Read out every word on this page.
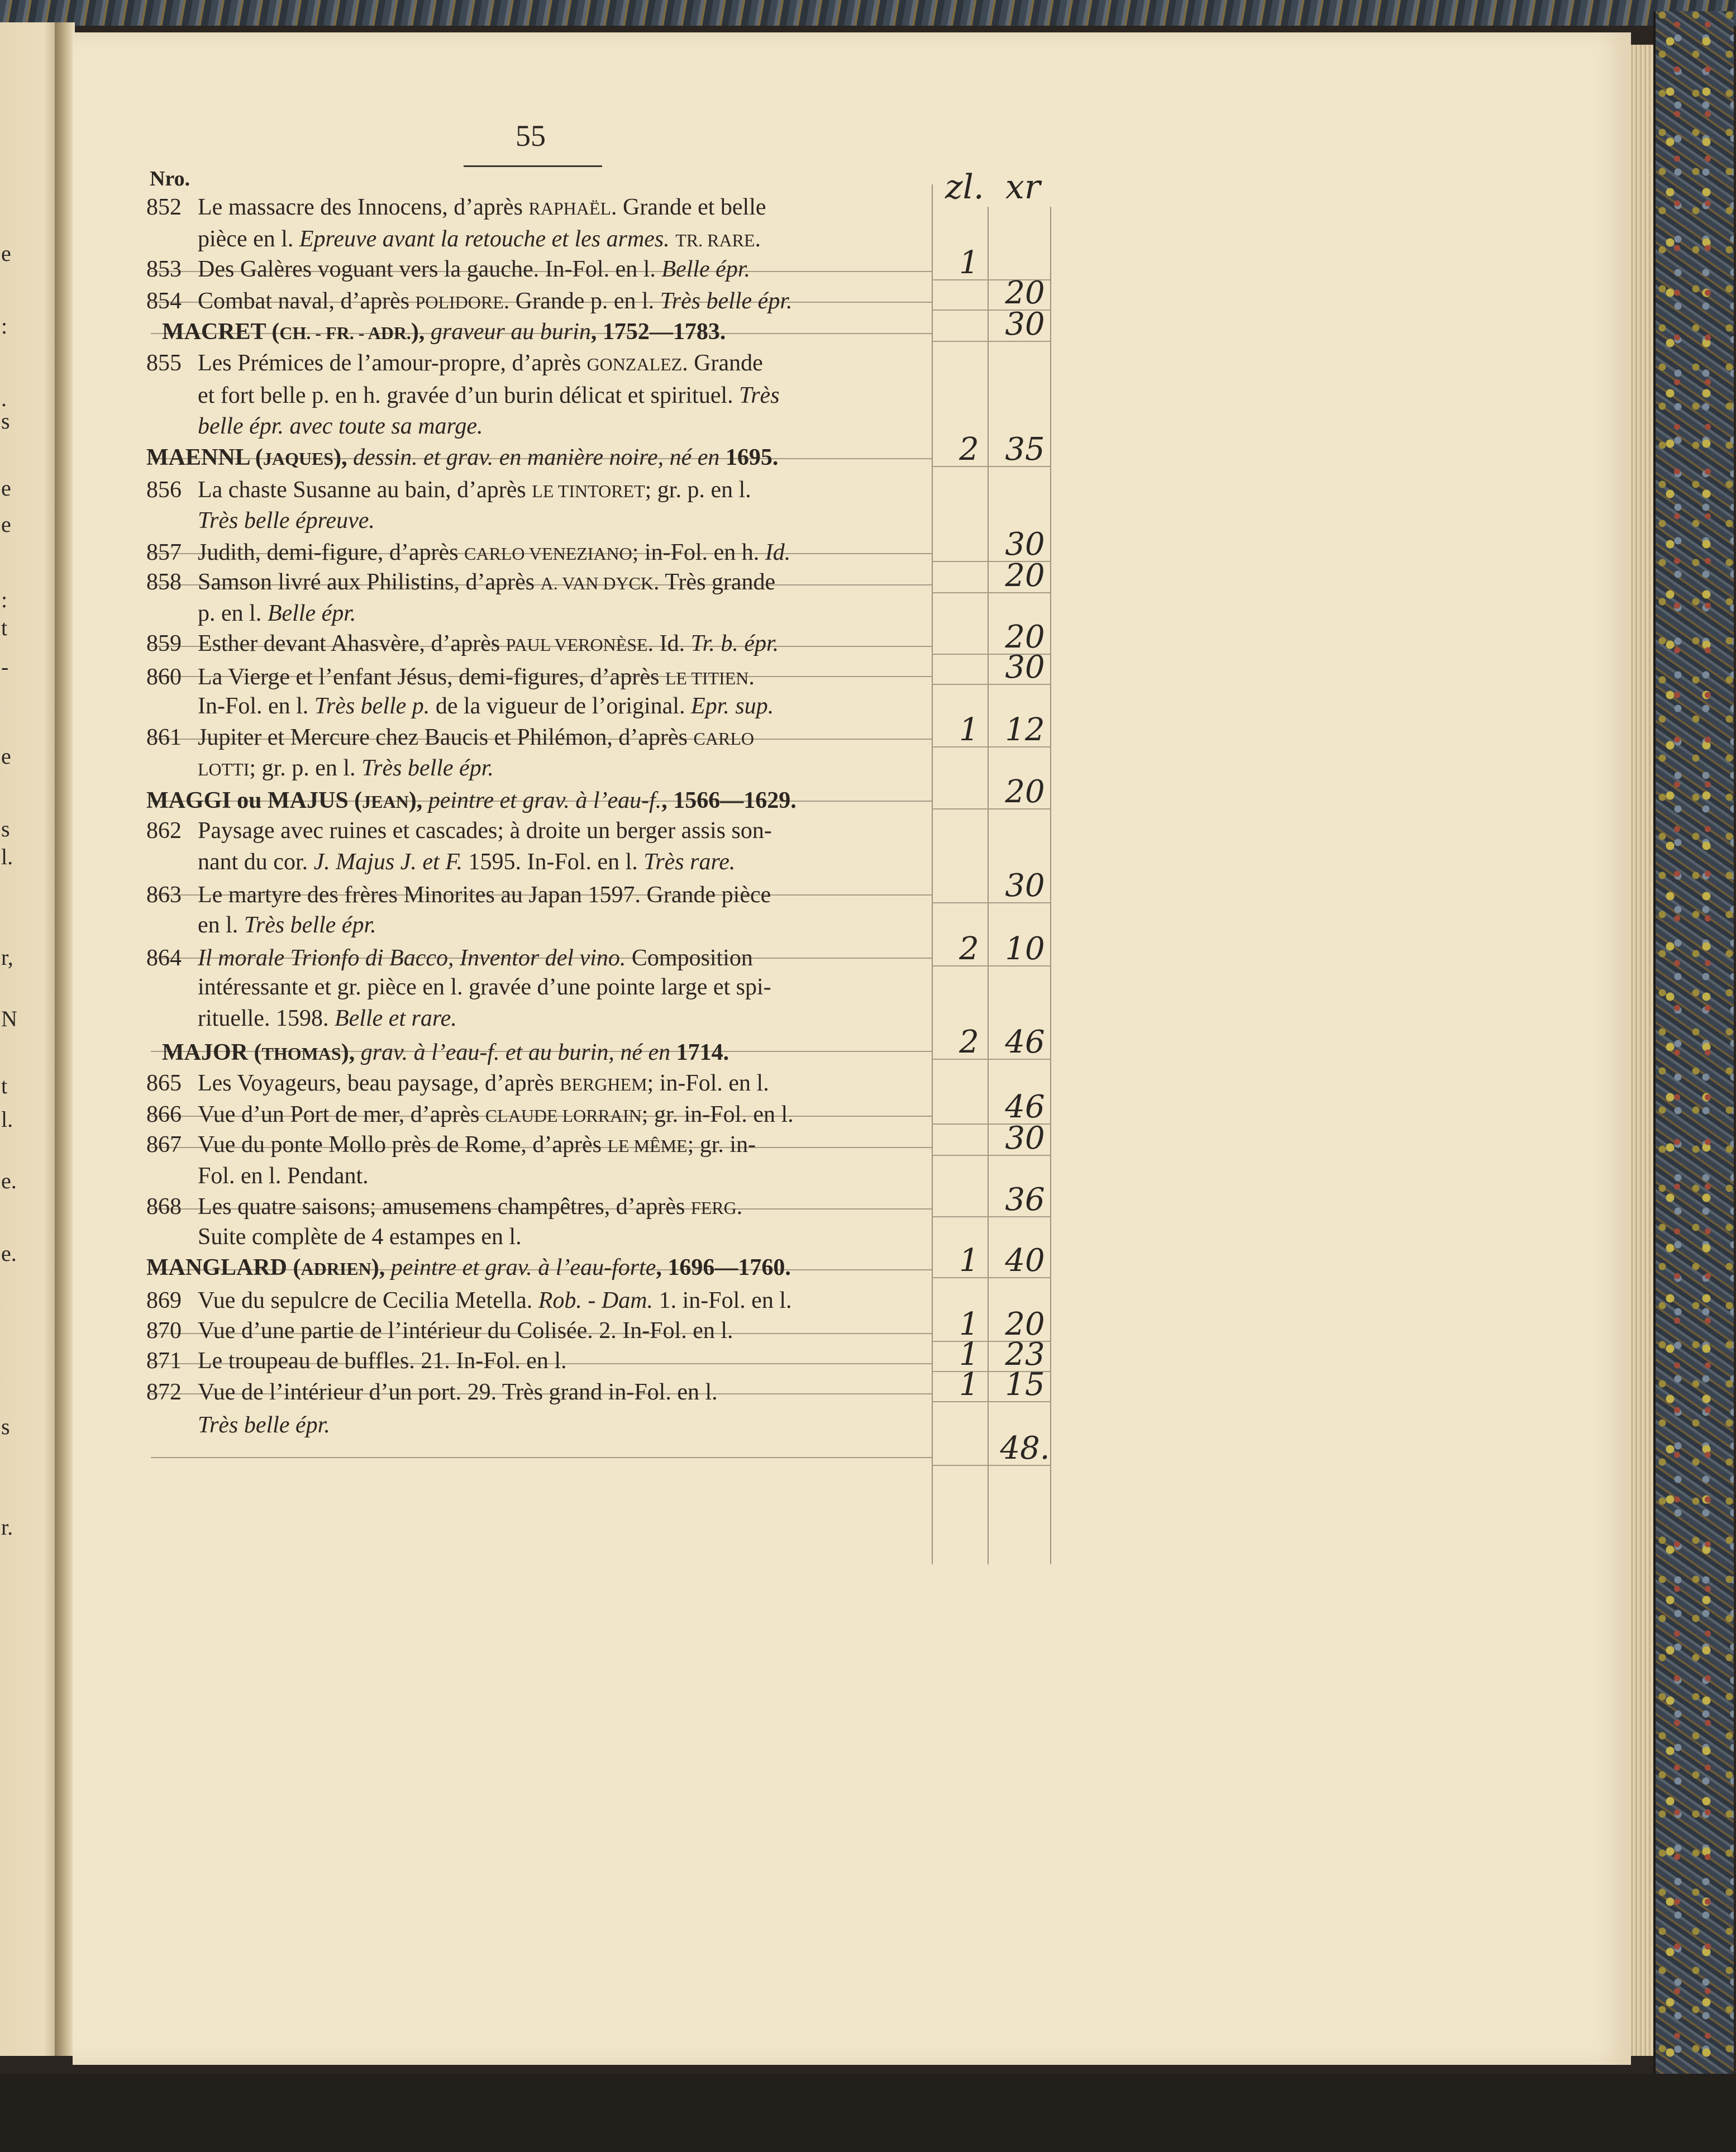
55
Nro.	zl. xr
1
20
30
2 35
30
20
20
30
1 12
20
30
2 10
2 46
46
30
36
1 40
1 20
1 23
1 15
48.
852 Le massacre des Innocens, d’après RAPHAËL. Grande et belle
pièce en l. Epreuve avant la retouche et les armes. TR. RARE.
853 Des Galères voguant vers la gauche. In-Fol. en l. Belle épr.
854 Combat naval, d’après POLIDORE. Grande p. en l. Très belle épr.
MACRET (CH. - FR. - ADR.), graveur au burin, 1752—1783.
855 Les Prémices de l’amour-propre, d’après GONZALEZ. Grande
et fort belle p. en h. gravée d’un burin délicat et spirituel. Très
belle épr. avec toute sa marge.
MAENNL (JAQUES), dessin. et grav. en manière noire, né en 1695.
856 La chaste Susanne au bain, d’après LE TINTORET; gr. p. en l.
Très belle épreuve.
857 Judith, demi-figure, d’après CARLO VENEZIANO; in-Fol. en h. Id.
858 Samson livré aux Philistins, d’après A. VAN DYCK. Très grande
p. en l. Belle épr.
859 Esther devant Ahasvère, d’après PAUL VERONÈSE. Id. Tr. b. épr.
860 La Vierge et l’enfant Jésus, demi-figures, d’après LE TITIEN.
In-Fol. en l. Très belle p. de la vigueur de l’original. Epr. sup.
861 Jupiter et Mercure chez Baucis et Philémon, d’après CARLO
LOTTI; gr. p. en l. Très belle épr.
MAGGI ou MAJUS (JEAN), peintre et grav. à l’eau-f., 1566—1629.
862 Paysage avec ruines et cascades; à droite un berger assis son-
nant du cor. J. Majus J. et F. 1595. In-Fol. en l. Très rare.
863 Le martyre des frères Minorites au Japan 1597. Grande pièce
en l. Très belle épr.
864 Il morale Trionfo di Bacco, Inventor del vino. Composition
intéressante et gr. pièce en l. gravée d’une pointe large et spi-
rituelle. 1598. Belle et rare.
MAJOR (THOMAS), grav. à l’eau-f. et au burin, né en 1714.
865 Les Voyageurs, beau paysage, d’après BERGHEM; in-Fol. en l.
866 Vue d’un Port de mer, d’après CLAUDE LORRAIN; gr. in-Fol. en l.
867 Vue du ponte Mollo près de Rome, d’après LE MÊME; gr. in-
Fol. en l. Pendant.
868 Les quatre saisons; amusemens champêtres, d’après FERG.
Suite complète de 4 estampes en l.
MANGLARD (ADRIEN), peintre et grav. à l’eau-forte, 1696—1760.
869 Vue du sepulcre de Cecilia Metella. Rob. - Dam. 1. in-Fol. en l.
870 Vue d’une partie de l’intérieur du Colisée. 2. In-Fol. en l.
871 Le troupeau de buffles. 21. In-Fol. en l.
872 Vue de l’intérieur d’un port. 29. Très grand in-Fol. en l.
Très belle épr.
e
:
.
s
e
e
:
t
-
e
s
l.
r,
N
t
l.
e.
e.
s
r.
